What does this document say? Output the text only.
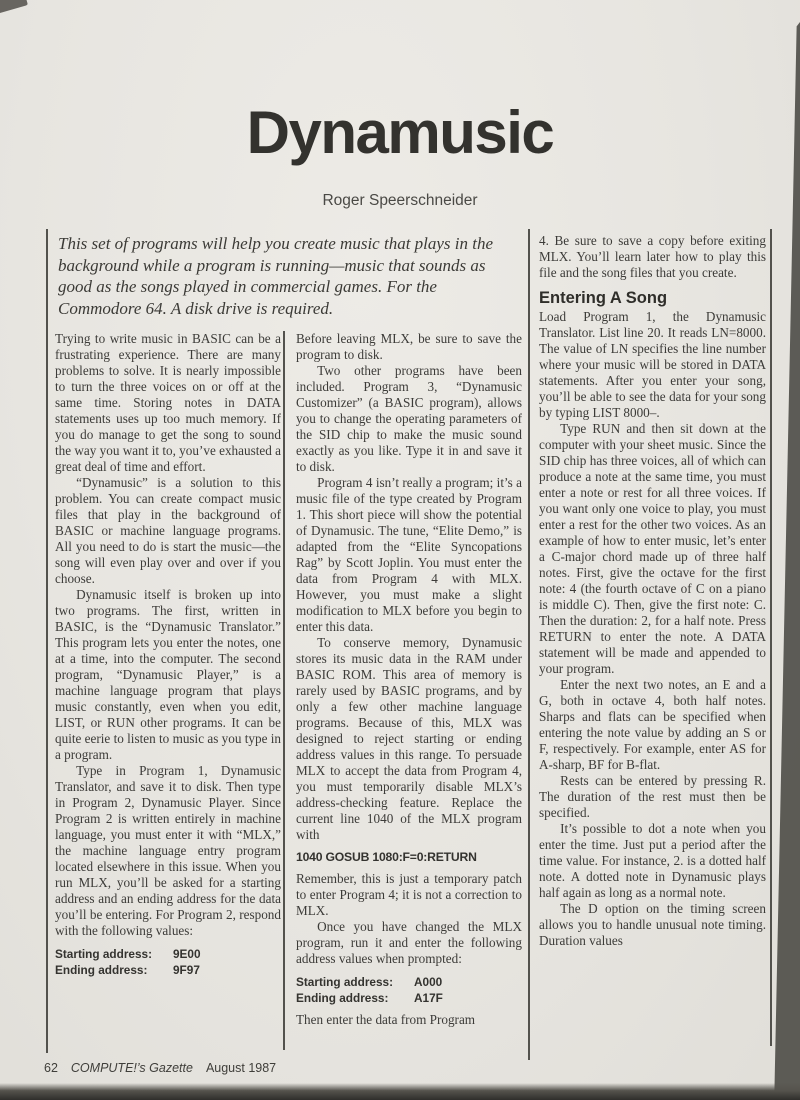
Dynamusic
Roger Speerschneider
This set of programs will help you create music that plays in the background while a program is running—music that sounds as good as the songs played in commercial games. For the Commodore 64. A disk drive is required.

Trying to write music in BASIC can be a frustrating experience. There are many problems to solve. It is nearly impossible to turn the three voices on or off at the same time. Storing notes in DATA statements uses up too much memory. If you do manage to get the song to sound the way you want it to, you’ve exhausted a great deal of time and effort.

“Dynamusic” is a solution to this problem. You can create compact music files that play in the background of BASIC or machine language programs. All you need to do is start the music—the song will even play over and over if you choose.

Dynamusic itself is broken up into two programs. The first, written in BASIC, is the “Dynamusic Translator.” This program lets you enter the notes, one at a time, into the computer. The second program, “Dynamusic Player,” is a machine language program that plays music constantly, even when you edit, LIST, or RUN other programs. It can be quite eerie to listen to music as you type in a program.

Type in Program 1, Dynamusic Translator, and save it to disk. Then type in Program 2, Dynamusic Player. Since Program 2 is written entirely in machine language, you must enter it with “MLX,” the machine language entry program located elsewhere in this issue. When you run MLX, you’ll be asked for a starting address and an ending address for the data you’ll be entering. For Program 2, respond with the following values:

Starting address:	9E00
Ending address:	9F97

Before leaving MLX, be sure to save the program to disk.

Two other programs have been included. Program 3, “Dynamusic Customizer” (a BASIC program), allows you to change the operating parameters of the SID chip to make the music sound exactly as you like. Type it in and save it to disk.

Program 4 isn’t really a program; it’s a music file of the type created by Program 1. This short piece will show the potential of Dynamusic. The tune, “Elite Demo,” is adapted from the “Elite Syncopations Rag” by Scott Joplin. You must enter the data from Program 4 with MLX. However, you must make a slight modification to MLX before you begin to enter this data.

To conserve memory, Dynamusic stores its music data in the RAM under BASIC ROM. This area of memory is rarely used by BASIC programs, and by only a few other machine language programs. Because of this, MLX was designed to reject starting or ending address values in this range. To persuade MLX to accept the data from Program 4, you must temporarily disable MLX’s address-checking feature. Replace the current line 1040 of the MLX program with

1040 GOSUB 1080:F=0:RETURN

Remember, this is just a temporary patch to enter Program 4; it is not a correction to MLX.

Once you have changed the MLX program, run it and enter the following address values when prompted:

Starting address:	A000
Ending address:	A17F

Then enter the data from Program

4. Be sure to save a copy before exiting MLX. You’ll learn later how to play this file and the song files that you create.

Entering A Song

Load Program 1, the Dynamusic Translator. List line 20. It reads LN=8000. The value of LN specifies the line number where your music will be stored in DATA statements. After you enter your song, you’ll be able to see the data for your song by typing LIST 8000–.

Type RUN and then sit down at the computer with your sheet music. Since the SID chip has three voices, all of which can produce a note at the same time, you must enter a note or rest for all three voices. If you want only one voice to play, you must enter a rest for the other two voices. As an example of how to enter music, let’s enter a C-major chord made up of three half notes. First, give the octave for the first note: 4 (the fourth octave of C on a piano is middle C). Then, give the first note: C. Then the duration: 2, for a half note. Press RETURN to enter the note. A DATA statement will be made and appended to your program.

Enter the next two notes, an E and a G, both in octave 4, both half notes. Sharps and flats can be specified when entering the note value by adding an S or F, respectively. For example, enter AS for A-sharp, BF for B-flat.

Rests can be entered by pressing R. The duration of the rest must then be specified.

It’s possible to dot a note when you enter the time. Just put a period after the time value. For instance, 2. is a dotted half note. A dotted note in Dynamusic plays half again as long as a normal note.

The D option on the timing screen allows you to handle unusual note timing. Duration values

62 COMPUTE!’s Gazette August 1987
